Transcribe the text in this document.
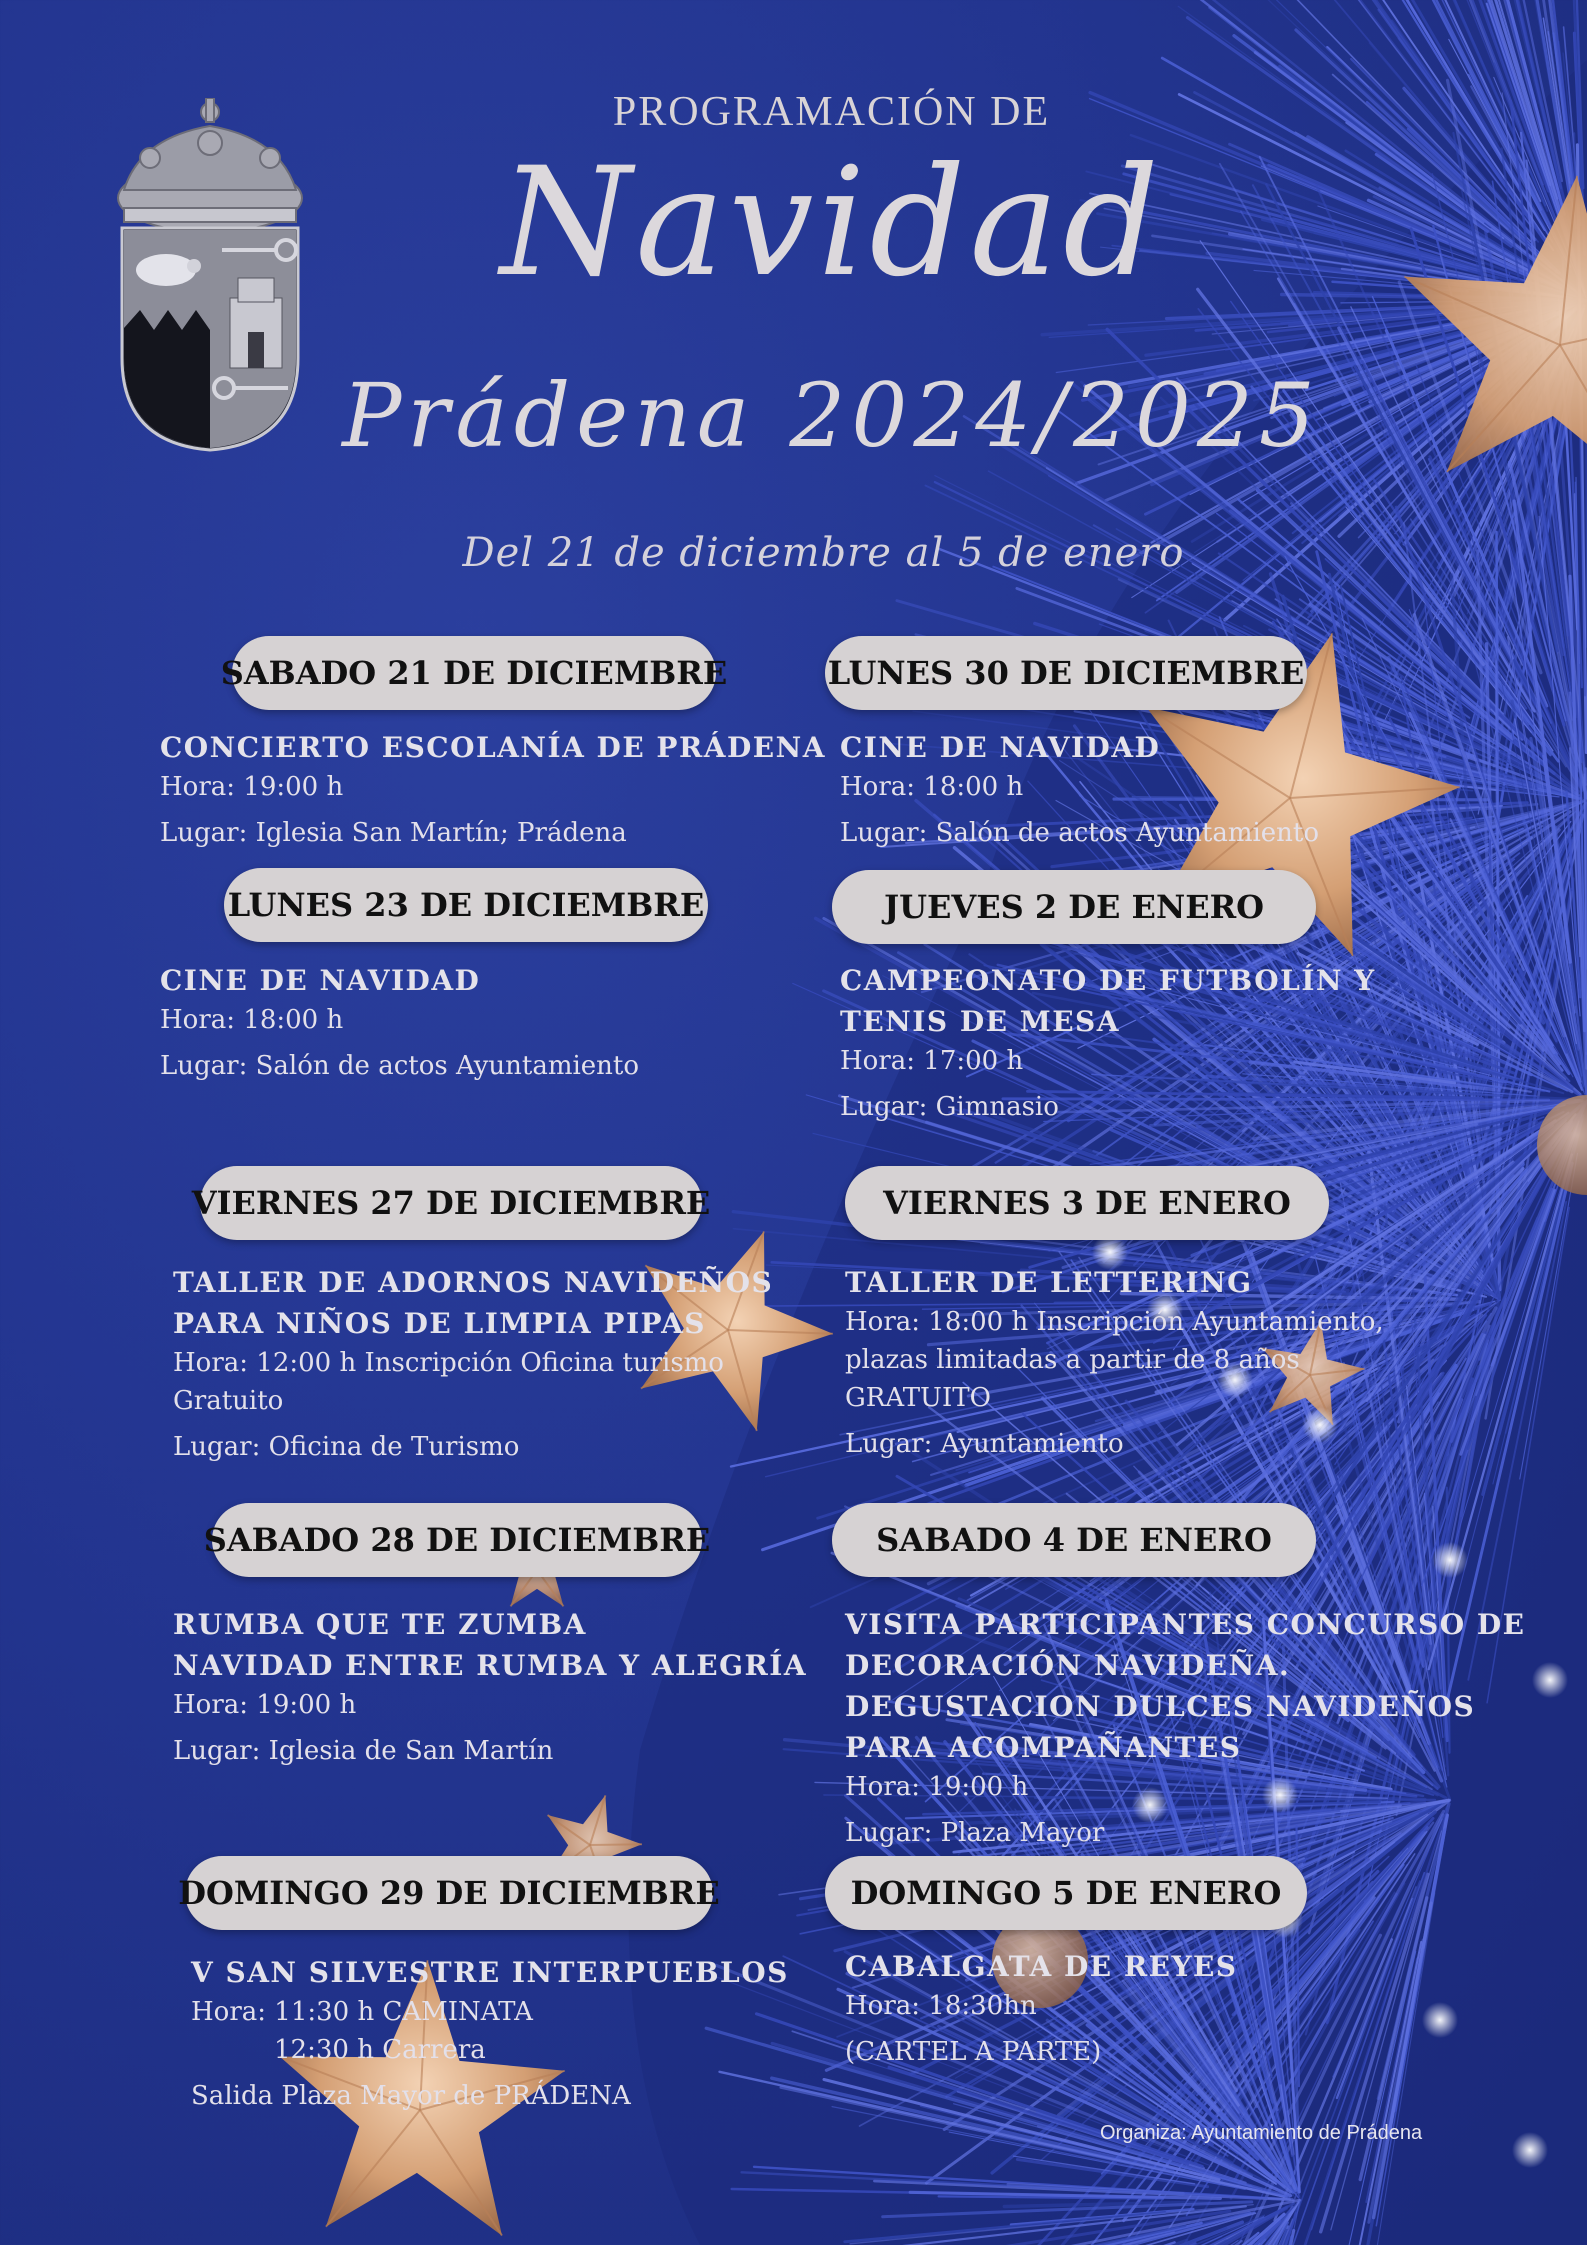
PROGRAMACIÓN DE
Navidad
Prádena 2024/2025
Del 21 de diciembre al 5 de enero
SABADO 21 DE DICIEMBRE
CONCIERTO ESCOLANÍA DE PRÁDENA
Hora: 19:00 h
Lugar: Iglesia San Martín; Prádena
LUNES 23 DE DICIEMBRE
CINE DE NAVIDAD
Hora: 18:00 h
Lugar: Salón de actos Ayuntamiento
VIERNES 27 DE DICIEMBRE
TALLER DE ADORNOS NAVIDEÑOS
PARA NIÑOS DE LIMPIA PIPAS
Hora: 12:00 h Inscripción Oficina turismo
Gratuito
Lugar: Oficina de Turismo
SABADO 28 DE DICIEMBRE
RUMBA QUE TE ZUMBA
NAVIDAD ENTRE RUMBA Y ALEGRÍA
Hora: 19:00 h
Lugar: Iglesia de San Martín
DOMINGO 29 DE DICIEMBRE
V SAN SILVESTRE INTERPUEBLOS
Hora: 11:30 h CAMINATA
12:30 h Carrera
Salida Plaza Mayor de PRÁDENA
LUNES 30 DE DICIEMBRE
CINE DE NAVIDAD
Hora: 18:00 h
Lugar: Salón de actos Ayuntamiento
JUEVES 2 DE ENERO
CAMPEONATO DE FUTBOLÍN Y
TENIS DE MESA
Hora: 17:00 h
Lugar: Gimnasio
VIERNES 3 DE ENERO
TALLER DE LETTERING
Hora: 18:00 h Inscripción Ayuntamiento,
plazas limitadas a partir de 8 años
GRATUITO
Lugar: Ayuntamiento
SABADO 4 DE ENERO
VISITA PARTICIPANTES CONCURSO DE
DECORACIÓN NAVIDEÑA.
DEGUSTACION DULCES NAVIDEÑOS
PARA ACOMPAÑANTES
Hora: 19:00 h
Lugar: Plaza Mayor
DOMINGO 5 DE ENERO
CABALGATA DE REYES
Hora: 18:30hn
(CARTEL A PARTE)
Organiza: Ayuntamiento de Prádena
